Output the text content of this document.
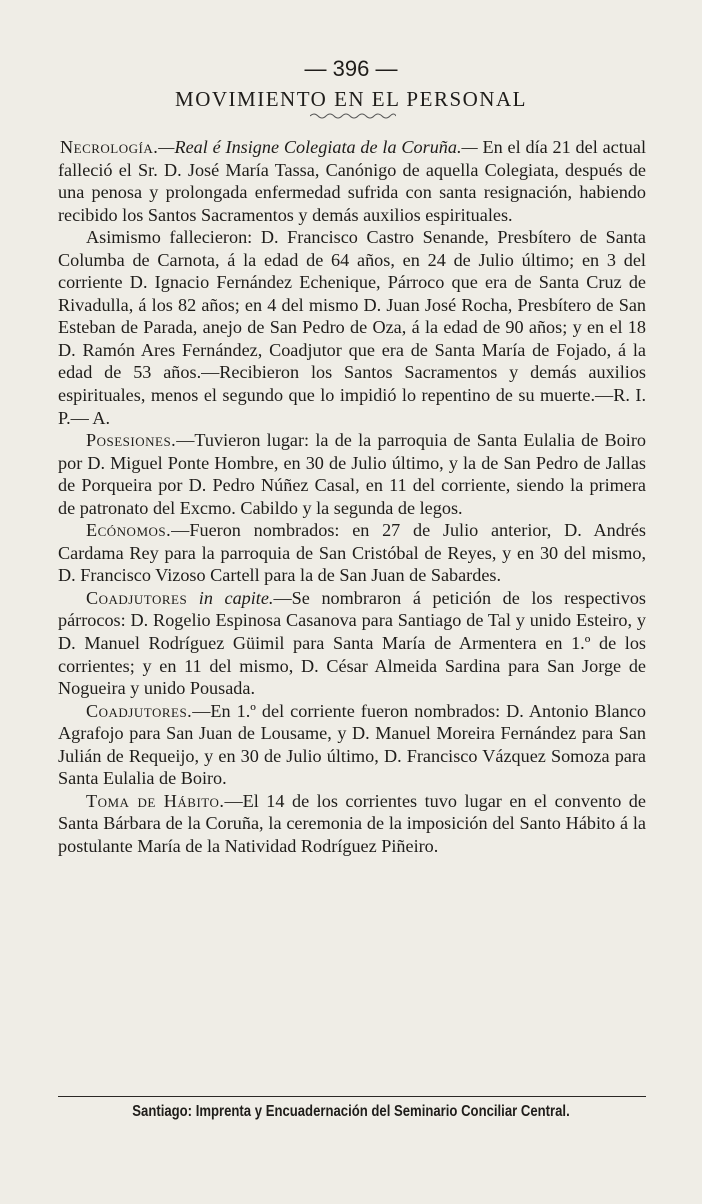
— 396 —
MOVIMIENTO EN EL PERSONAL

Necrología.—Real é Insigne Colegiata de la Coruña.— En el día 21 del actual falleció el Sr. D. José María Tassa, Canónigo de aquella Colegiata, después de una penosa y prolongada enfermedad sufrida con santa resignación, habiendo recibido los Santos Sacramentos y demás auxilios espirituales.

Asimismo fallecieron: D. Francisco Castro Senande, Presbítero de Santa Columba de Carnota, á la edad de 64 años, en 24 de Julio último; en 3 del corriente D. Ignacio Fernández Echenique, Párroco que era de Santa Cruz de Rivadulla, á los 82 años; en 4 del mismo D. Juan José Rocha, Presbítero de San Esteban de Parada, anejo de San Pedro de Oza, á la edad de 90 años; y en el 18 D. Ramón Ares Fernández, Coadjutor que era de Santa María de Fojado, á la edad de 53 años.—Recibieron los Santos Sacramentos y demás auxilios espirituales, menos el segundo que lo impidió lo repentino de su muerte.—R. I. P.— A.

Posesiones.—Tuvieron lugar: la de la parroquia de Santa Eulalia de Boiro por D. Miguel Ponte Hombre, en 30 de Julio último, y la de San Pedro de Jallas de Porqueira por D. Pedro Núñez Casal, en 11 del corriente, siendo la primera de patronato del Excmo. Cabildo y la segunda de legos.

Ecónomos.—Fueron nombrados: en 27 de Julio anterior, D. Andrés Cardama Rey para la parroquia de San Cristóbal de Reyes, y en 30 del mismo, D. Francisco Vizoso Cartell para la de San Juan de Sabardes.

Coadjutores in capite.—Se nombraron á petición de los respectivos párrocos: D. Rogelio Espinosa Casanova para Santiago de Tal y unido Esteiro, y D. Manuel Rodríguez Güimil para Santa María de Armentera en 1.º de los corrientes; y en 11 del mismo, D. César Almeida Sardina para San Jorge de Nogueira y unido Pousada.

Coadjutores.—En 1.º del corriente fueron nombrados: D. Antonio Blanco Agrafojo para San Juan de Lousame, y D. Manuel Moreira Fernández para San Julián de Requeijo, y en 30 de Julio último, D. Francisco Vázquez Somoza para Santa Eulalia de Boiro.

Toma de Hábito.—El 14 de los corrientes tuvo lugar en el convento de Santa Bárbara de la Coruña, la ceremonia de la imposición del Santo Hábito á la postulante María de la Natividad Rodríguez Piñeiro.

Santiago: Imprenta y Encuadernación del Seminario Conciliar Central.
